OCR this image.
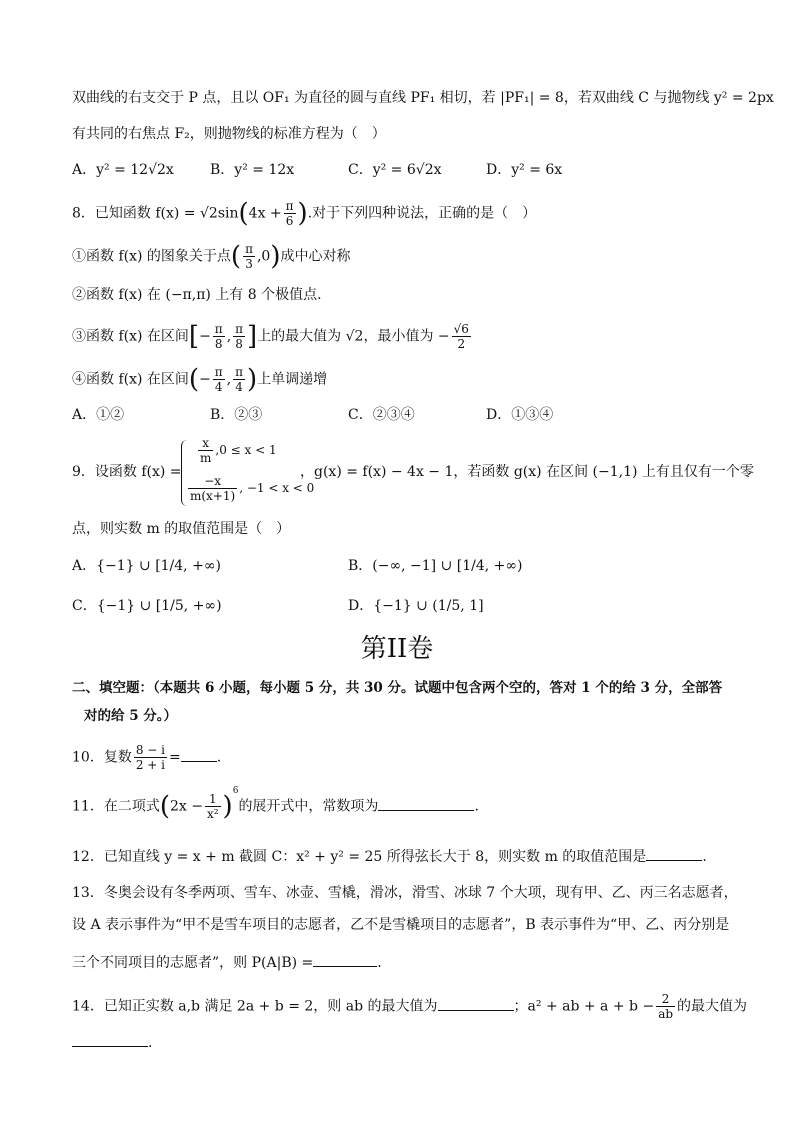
双曲线的右支交于 P 点，且以 OF₁ 为直径的圆与直线 PF₁ 相切，若 |PF₁| = 8，若双曲线 C 与抛物线 y² = 2px
有共同的右焦点 F₂，则抛物线的标准方程为（　）
A．y² = 12√2x	B．y² = 12x	C．y² = 6√2x	D．y² = 6x
8．已知函数 $f(x) = √2\sin(4x + \frac{\pi}{6}$ ).对于下列四种说法，正确的是（　）
①函数 f(x) 的图象关于点( $\frac{\pi}{3} ,0$)成中心对称
②函数 f(x) 在 (−π,π) 上有 8 个极值点.
③函数 f(x) 在区间[− $\frac{\pi}{8}$ , $\frac{\pi}{8}$ ]上的最大值为 √2，最小值为 − $\frac{√6}{2}$
④函数 f(x) 在区间(− $\frac{\pi}{4}$ , $\frac{\pi}{4}$ )上单调递增
A．①②	B．②③	C．②③④	D．①③④
9．设函数 f(x) =
$\frac{x}{m} ,0 \le x < 1$
$\frac{-x}{m(x+1)}$ , −1 < x < 0
，g(x) = f(x) − 4x − 1，若函数 g(x) 在区间 (−1,1) 上有且仅有一个零
点，则实数 m 的取值范围是（　）
A．{−1} ∪ [1/4, +∞)	B．(−∞, −1] ∪ [1/4, +∞)
C．{−1} ∪ [1/5, +∞)	D．{−1} ∪ (1/5, 1]
第II卷
二、填空题：（本题共 6 小题，每小题 5 分，共 30 分。试题中包含两个空的，答对 1 个的给 3 分，全部答
对的给 5 分。）
10．复数 $\frac{8 - i}{2 + i}$ =	.
11．在二项式$(2x - \frac{1}{\text{x²}} )^6$的展开式中，常数项为	.
12．已知直线 y = x + m 截圆 C：x² + y² = 25 所得弦长大于 8，则实数 m 的取值范围是	.
13．冬奥会设有冬季两项、雪车、冰壶、雪橇，滑冰，滑雪、冰球 7 个大项，现有甲、乙、丙三名志愿者，
设 A 表示事件为“甲不是雪车项目的志愿者，乙不是雪橇项目的志愿者”，B 表示事件为“甲、乙、丙分别是
三个不同项目的志愿者”，则 P(A|B) =	.
14．已知正实数 a,b 满足 2a + b = 2，则 ab 的最大值为	；a² + ab + $a + b - \frac{2}{ab}$ 的最大值为
.
